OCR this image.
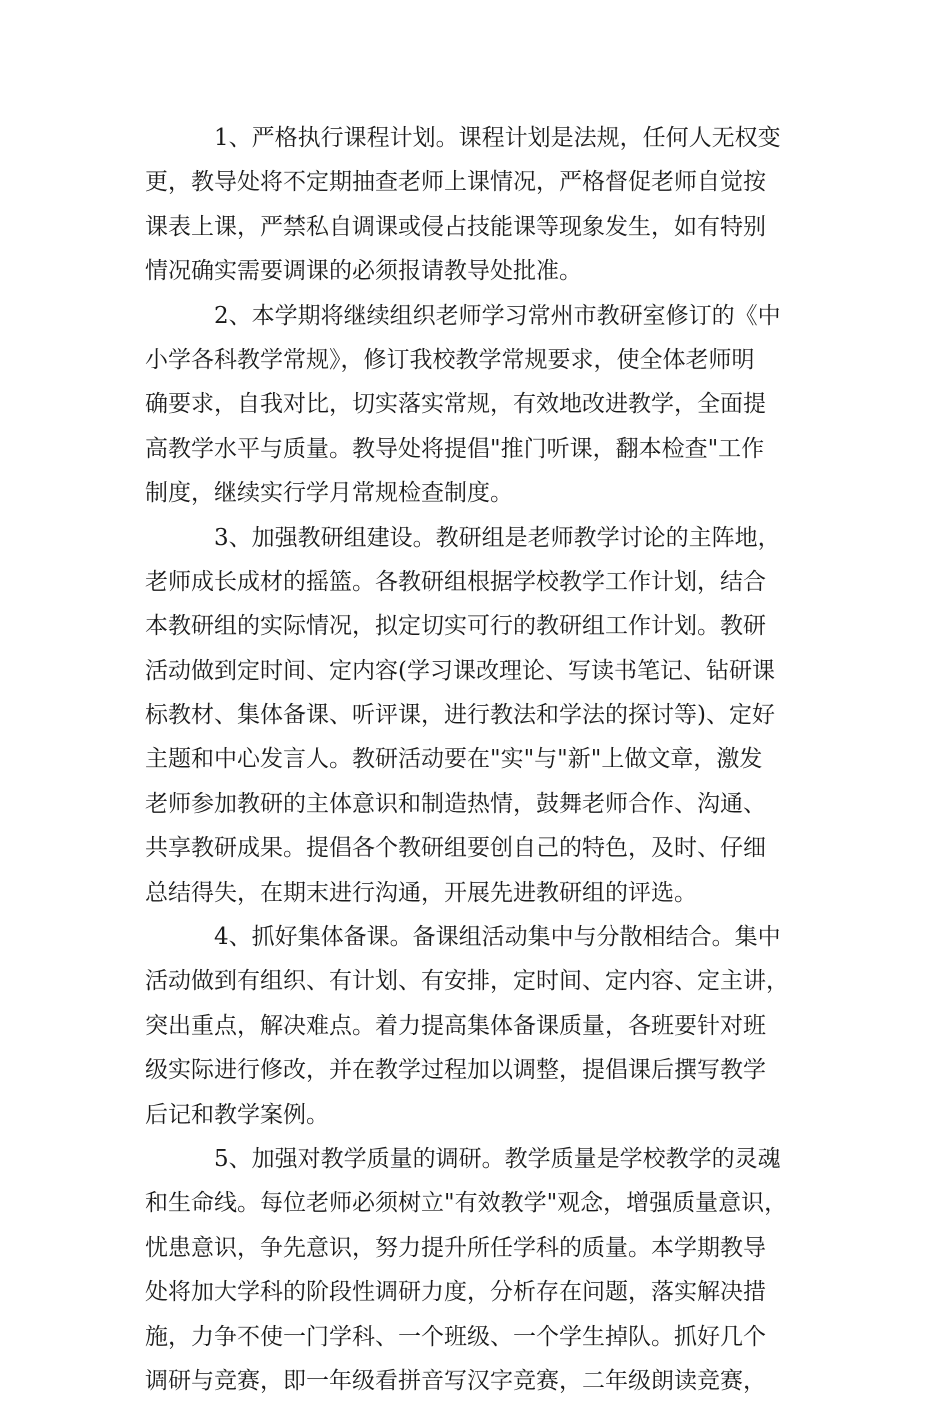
1、严格执行课程计划。课程计划是法规，任何人无权变
更，教导处将不定期抽查老师上课情况，严格督促老师自觉按
课表上课，严禁私自调课或侵占技能课等现象发生，如有特别
情况确实需要调课的必须报请教导处批准。
2、本学期将继续组织老师学习常州市教研室修订的《中
小学各科教学常规》，修订我校教学常规要求，使全体老师明
确要求，自我对比，切实落实常规，有效地改进教学，全面提
高教学水平与质量。教导处将提倡"推门听课，翻本检查"工作
制度，继续实行学月常规检查制度。
3、加强教研组建设。教研组是老师教学讨论的主阵地，
老师成长成材的摇篮。各教研组根据学校教学工作计划，结合
本教研组的实际情况，拟定切实可行的教研组工作计划。教研
活动做到定时间、定内容(学习课改理论、写读书笔记、钻研课
标教材、集体备课、听评课，进行教法和学法的探讨等)、定好
主题和中心发言人。教研活动要在"实"与"新"上做文章，激发
老师参加教研的主体意识和制造热情，鼓舞老师合作、沟通、
共享教研成果。提倡各个教研组要创自己的特色，及时、仔细
总结得失，在期末进行沟通，开展先进教研组的评选。
4、抓好集体备课。备课组活动集中与分散相结合。集中
活动做到有组织、有计划、有安排，定时间、定内容、定主讲，
突出重点，解决难点。着力提高集体备课质量，各班要针对班
级实际进行修改，并在教学过程加以调整，提倡课后撰写教学
后记和教学案例。
5、加强对教学质量的调研。教学质量是学校教学的灵魂
和生命线。每位老师必须树立"有效教学"观念，增强质量意识，
忧患意识，争先意识，努力提升所任学科的质量。本学期教导
处将加大学科的阶段性调研力度，分析存在问题，落实解决措
施，力争不使一门学科、一个班级、一个学生掉队。抓好几个
调研与竞赛，即一年级看拼音写汉字竞赛，二年级朗读竞赛，
